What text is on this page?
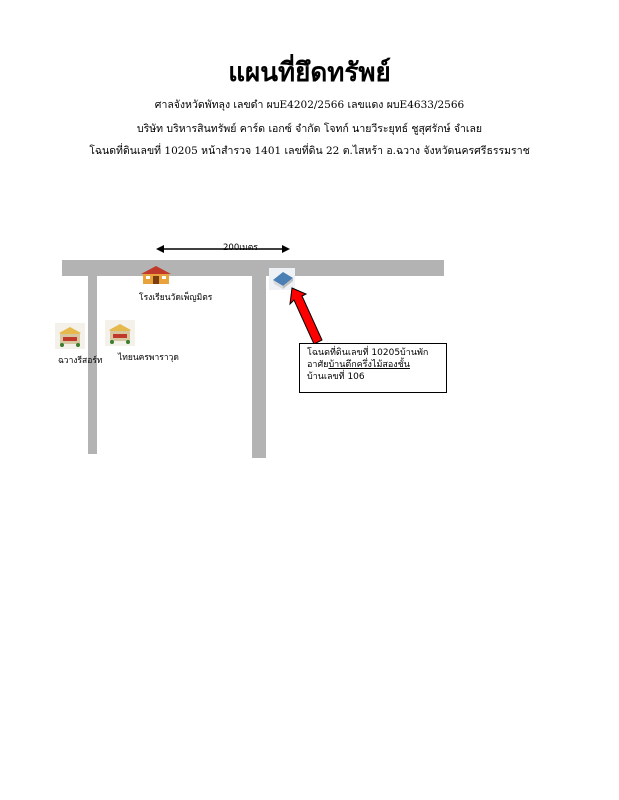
แผนที่ยึดทรัพย์
ศาลจังหวัดพัทลุง เลขดำ ผบE4202/2566 เลขแดง ผบE4633/2566
บริษัท บริหารสินทรัพย์ คาร์ด เอกซ์ จำกัด โจทก์ นายวีระยุทธ์ ชูสุศรักษ์ จำเลย
โฉนดที่ดินเลขที่ 10205 หน้าสำรวจ 1401 เลขที่ดิน 22 ต.ไสหร้า อ.ฉวาง จังหวัดนครศรีธรรมราช
200เมตร
โรงเรียนวัดเพ็ญมิตร
ฉวางรีสอร์ท ไทยนครพาราวุด	โฉนดที่ดินเลขที่ 10205บ้านพัก
อาศัยบ้านตึกครึ่งไม้สองชั้น
บ้านเลขที่ 106
